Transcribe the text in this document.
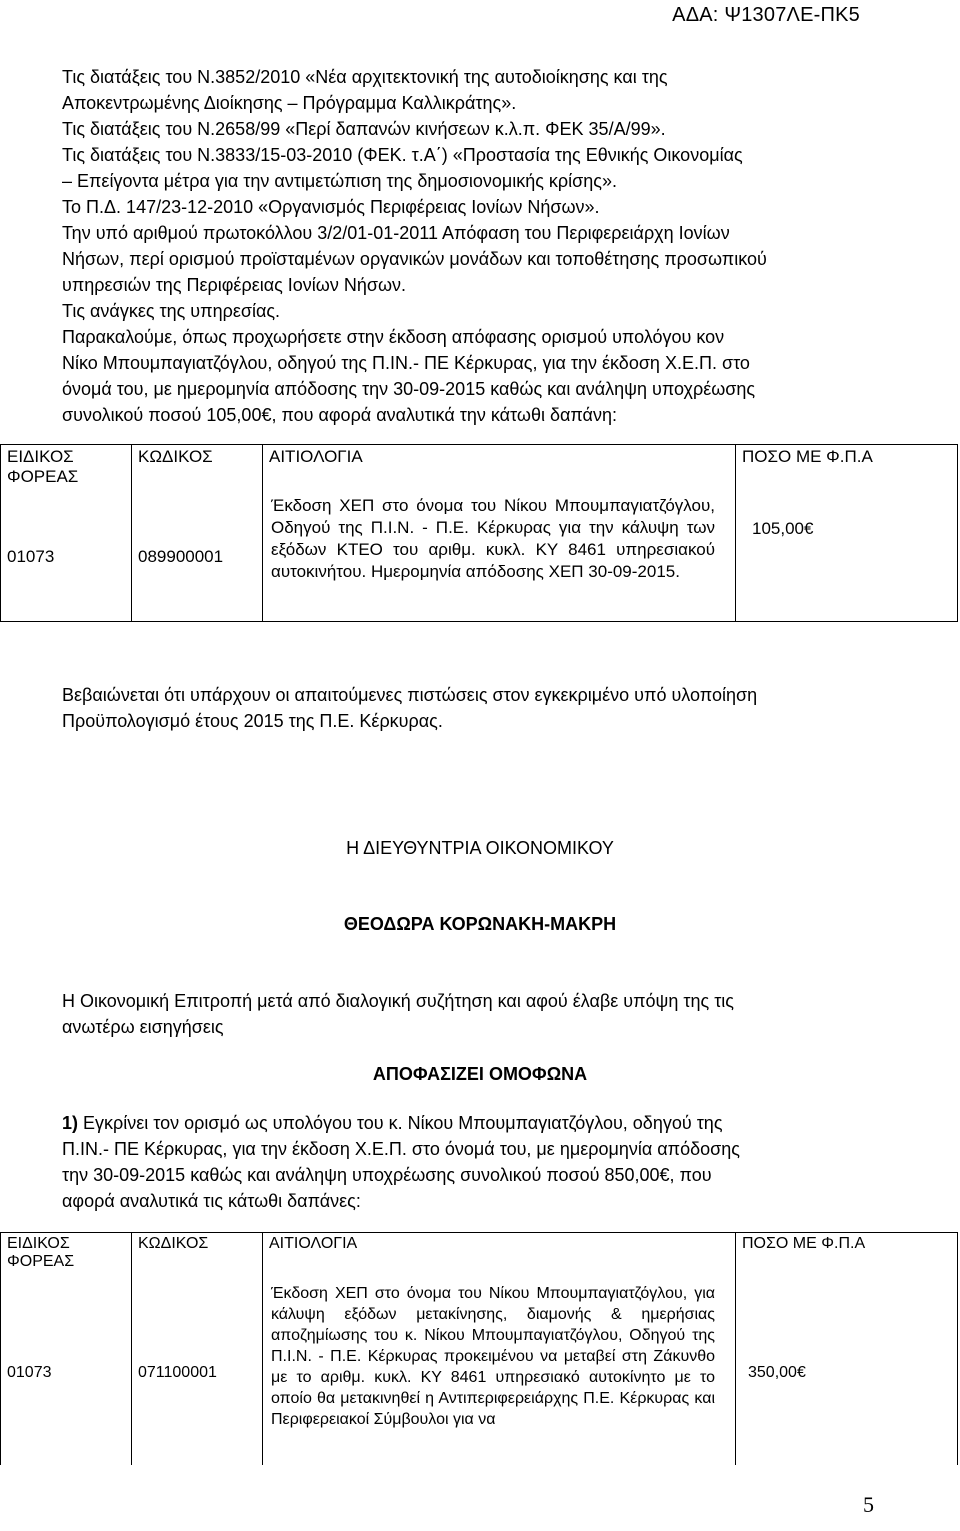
ΑΔΑ: Ψ1307ΛΕ-ΠΚ5
Τις διατάξεις του Ν.3852/2010 «Νέα αρχιτεκτονική της αυτοδιοίκησης και της
Αποκεντρωμένης Διοίκησης – Πρόγραμμα Καλλικράτης».
Τις διατάξεις του Ν.2658/99 «Περί δαπανών κινήσεων κ.λ.π. ΦΕΚ 35/Α/99».
Τις διατάξεις του Ν.3833/15-03-2010 (ΦΕΚ. τ.Α΄) «Προστασία της Εθνικής Οικονομίας
– Επείγοντα μέτρα για την αντιμετώπιση της δημοσιονομικής κρίσης».
Το Π.Δ. 147/23-12-2010 «Οργανισμός Περιφέρειας Ιονίων Νήσων».
Την υπό αριθμού πρωτοκόλλου 3/2/01-01-2011 Απόφαση του Περιφερειάρχη Ιονίων
Νήσων, περί ορισμού προϊσταμένων οργανικών μονάδων και τοποθέτησης προσωπικού
υπηρεσιών της Περιφέρειας Ιονίων Νήσων.
Τις ανάγκες της υπηρεσίας.
Παρακαλούμε, όπως προχωρήσετε στην έκδοση απόφασης ορισμού υπολόγου κον
Νίκο Μπουμπαγιατζόγλου, οδηγού της Π.ΙΝ.- ΠΕ Κέρκυρας, για την έκδοση Χ.Ε.Π. στο
όνομά του, με ημερομηνία απόδοσης την 30-09-2015 καθώς και ανάληψη υποχρέωσης
συνολικού ποσού 105,00€, που αφορά αναλυτικά την κάτωθι δαπάνη:
ΕΙΔΙΚΟΣ ΦΟΡΕΑΣ	ΚΩΔΙΚΟΣ	ΑΙΤΙΟΛΟΓΙΑ	ΠΟΣΟ ΜΕ Φ.Π.Α
01073	089900001	Έκδοση ΧΕΠ στο όνομα του Νίκου Μπουμπαγιατζόγλου, Οδηγού της Π.Ι.Ν. - Π.Ε. Κέρκυρας για την κάλυψη των εξόδων ΚΤΕΟ του αριθμ. κυκλ. ΚΥ 8461 υπηρεσιακού αυτοκινήτου. Ημερομηνία απόδοσης ΧΕΠ 30-09-2015.	105,00€
Βεβαιώνεται ότι υπάρχουν οι απαιτούμενες πιστώσεις στον εγκεκριμένο υπό υλοποίηση
Προϋπολογισμό έτους 2015 της Π.Ε. Κέρκυρας.
Η ΔΙΕΥΘΥΝΤΡΙΑ ΟΙΚΟΝΟΜΙΚΟΥ
ΘΕΟΔΩΡΑ ΚΟΡΩΝΑΚΗ-ΜΑΚΡΗ
Η Οικονομική Επιτροπή μετά από διαλογική συζήτηση και αφού έλαβε υπόψη της τις
ανωτέρω εισηγήσεις
ΑΠΟΦΑΣΙΖΕΙ ΟΜΟΦΩΝΑ
1) Εγκρίνει τον ορισμό ως υπολόγου του κ. Νίκου Μπουμπαγιατζόγλου, οδηγού της
Π.ΙΝ.- ΠΕ Κέρκυρας, για την έκδοση Χ.Ε.Π. στο όνομά του, με ημερομηνία απόδοσης
την 30-09-2015 καθώς και ανάληψη υποχρέωσης συνολικού ποσού 850,00€, που
αφορά αναλυτικά τις κάτωθι δαπάνες:
ΕΙΔΙΚΟΣ ΦΟΡΕΑΣ	ΚΩΔΙΚΟΣ	ΑΙΤΙΟΛΟΓΙΑ	ΠΟΣΟ ΜΕ Φ.Π.Α
01073	071100001	Έκδοση ΧΕΠ στο όνομα του Νίκου Μπουμπαγιατζόγλου, για κάλυψη εξόδων μετακίνησης, διαμονής & ημερήσιας αποζημίωσης του κ. Νίκου Μπουμπαγιατζόγλου, Οδηγού της Π.Ι.Ν. - Π.Ε. Κέρκυρας προκειμένου να μεταβεί στη Ζάκυνθο με το αριθμ. κυκλ. ΚΥ 8461 υπηρεσιακό αυτοκίνητο με το οποίο θα μετακινηθεί η Αντιπεριφερειάρχης Π.Ε. Κέρκυρας και Περιφερειακοί Σύμβουλοι για να	350,00€
5
